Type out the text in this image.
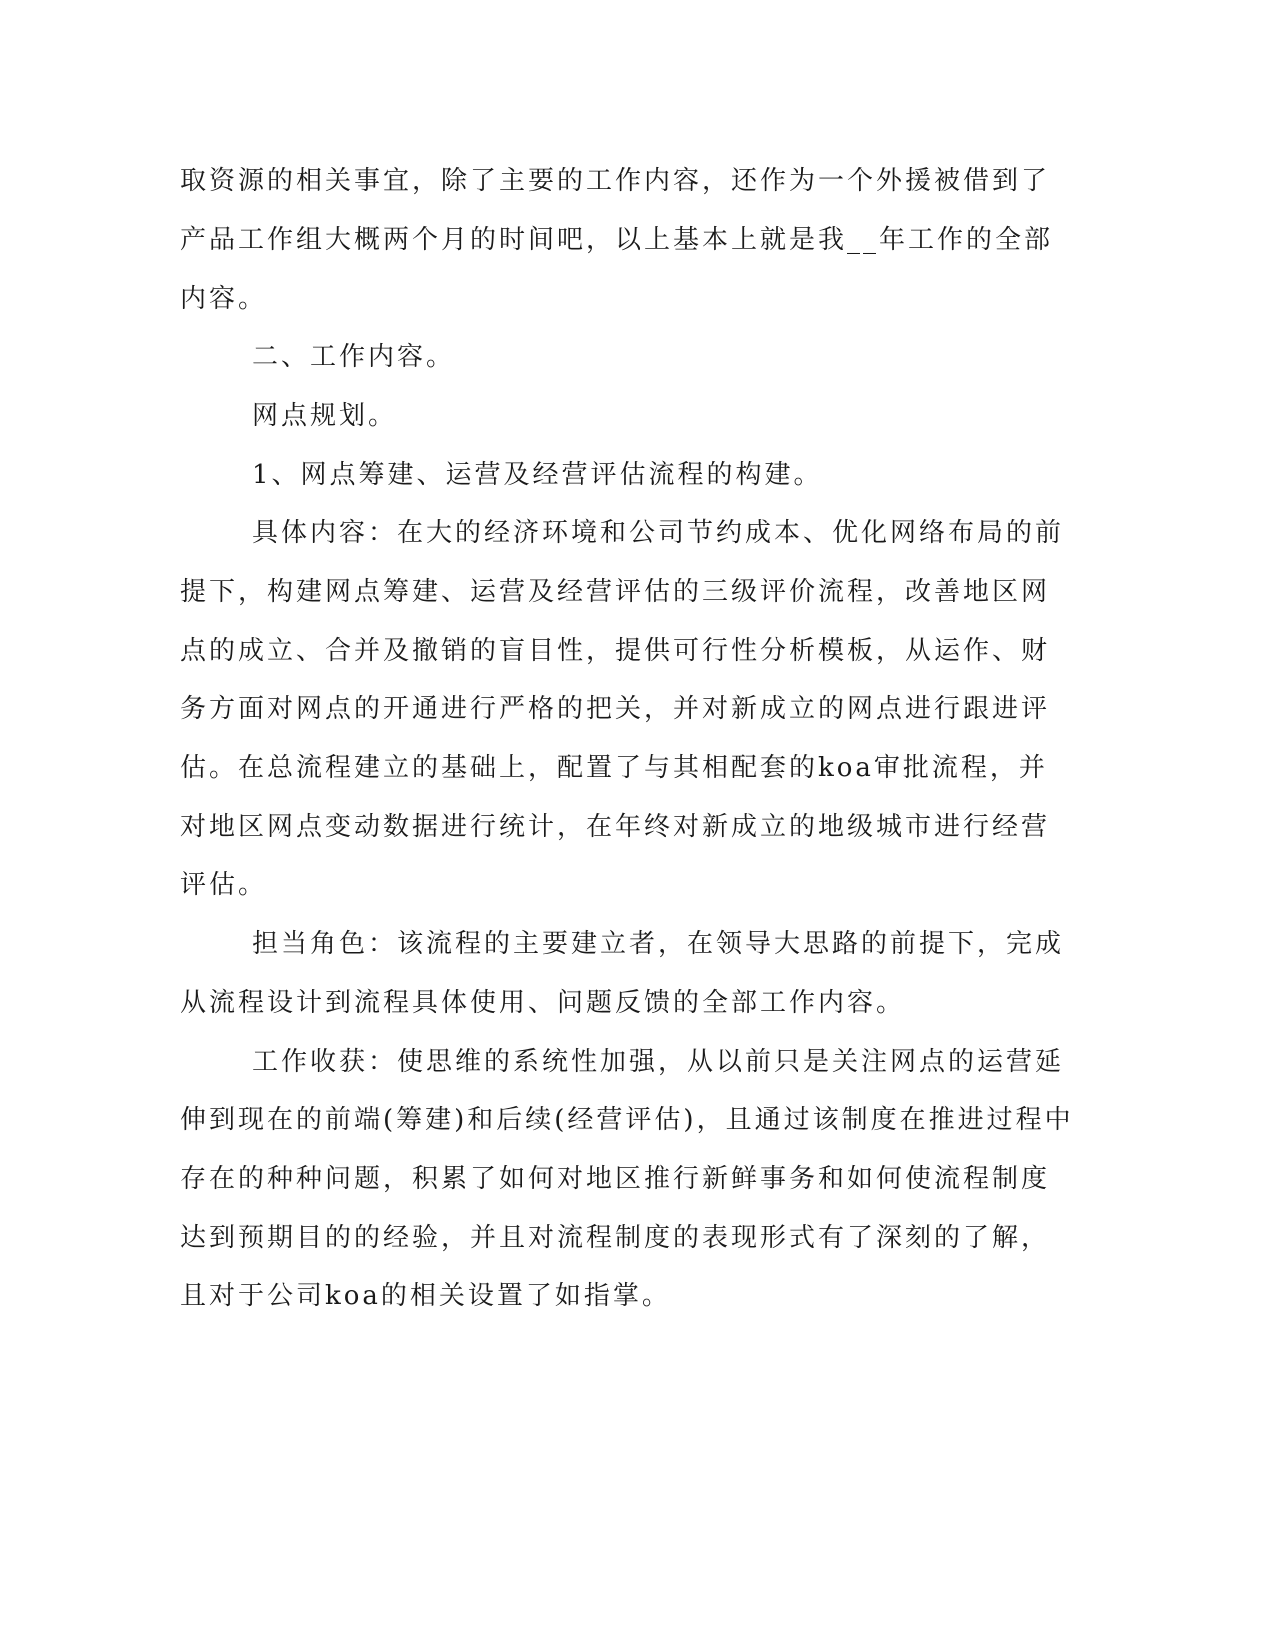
取资源的相关事宜，除了主要的工作内容，还作为一个外援被借到了

产品工作组大概两个月的时间吧，以上基本上就是我__年工作的全部

内容。

二、工作内容。

网点规划。

1、网点筹建、运营及经营评估流程的构建。

具体内容：在大的经济环境和公司节约成本、优化网络布局的前

提下，构建网点筹建、运营及经营评估的三级评价流程，改善地区网

点的成立、合并及撤销的盲目性，提供可行性分析模板，从运作、财

务方面对网点的开通进行严格的把关，并对新成立的网点进行跟进评

估。在总流程建立的基础上，配置了与其相配套的koa审批流程，并

对地区网点变动数据进行统计，在年终对新成立的地级城市进行经营

评估。

担当角色：该流程的主要建立者，在领导大思路的前提下，完成

从流程设计到流程具体使用、问题反馈的全部工作内容。

工作收获：使思维的系统性加强，从以前只是关注网点的运营延

伸到现在的前端(筹建)和后续(经营评估)，且通过该制度在推进过程中

存在的种种问题，积累了如何对地区推行新鲜事务和如何使流程制度

达到预期目的的经验，并且对流程制度的表现形式有了深刻的了解，

且对于公司koa的相关设置了如指掌。
